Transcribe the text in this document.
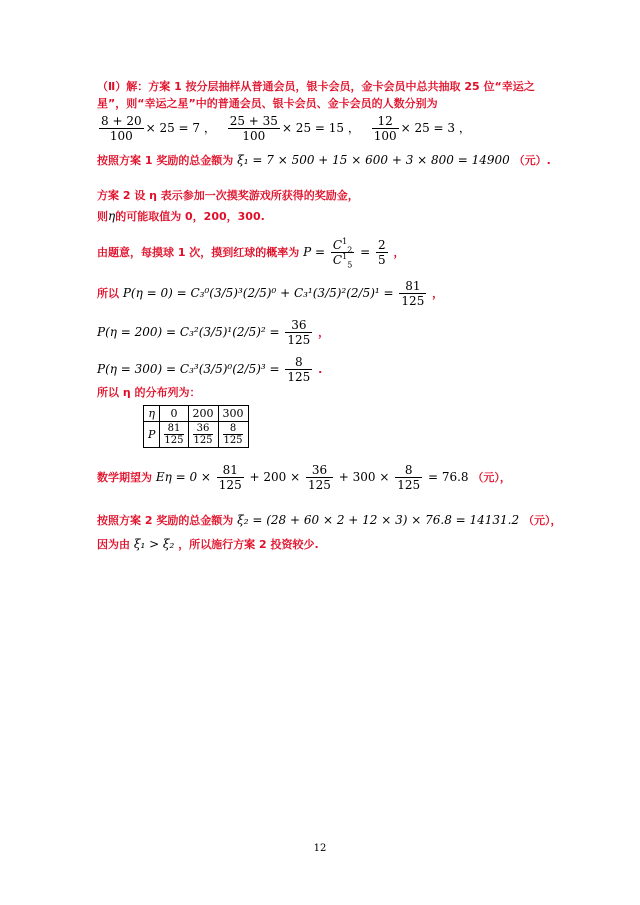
（Ⅱ）解：方案 1 按分层抽样从普通会员，银卡会员，金卡会员中总共抽取 25 位“幸运之
星”，则“幸运之星”中的普通会员、银卡会员、金卡会员的人数分别为
$\frac{8 + 20}{100} \times 25 = 7$ ， $\frac{25 + 35}{100} \times 25 = 15$ ， $\frac{12}{100} \times 25 = 3$ ，
按照方案 1 奖励的总金额为 ξ₁ = 7 × 500 + 15 × 600 + 3 × 800 = 14900 （元）.
方案 2 设 η 表示参加一次摸奖游戏所获得的奖励金，
则η的可能取值为 0，200，300.
由题意，每摸球 1 次，摸到红球的概率为 $P = \frac{C^1_2}{C^1_5} = \frac{2}{5}$ ，
所以 $P(\eta = 0) = C_3^0(3/5)^3(2/5)^0 + C_3^1(3/5)^2(2/5)^1 = \frac{81}{125}$ ，
$P(\eta = 200) = C_3^2(3/5)^1(2/5)^2 = \frac{36}{125}$ ，
$P(\eta = 300) = C_3^3(3/5)^0(2/5)^3 = \frac{8}{125}$ .
所以 η 的分布列为：
η	0	200	300
P	$\frac{81}{125}$	$\frac{36}{125}$	$\frac{8}{125}$
数学期望为 $E\eta = 0 \times \frac{81}{125} + 200 \times \frac{36}{125} + 300 \times \frac{8}{125} = 76.8$ （元），
按照方案 2 奖励的总金额为 ξ₂ = (28 + 60 × 2 + 12 × 3) × 76.8 = 14131.2 （元），
因为由 ξ₁ > ξ₂ ，所以施行方案 2 投资较少.
12
